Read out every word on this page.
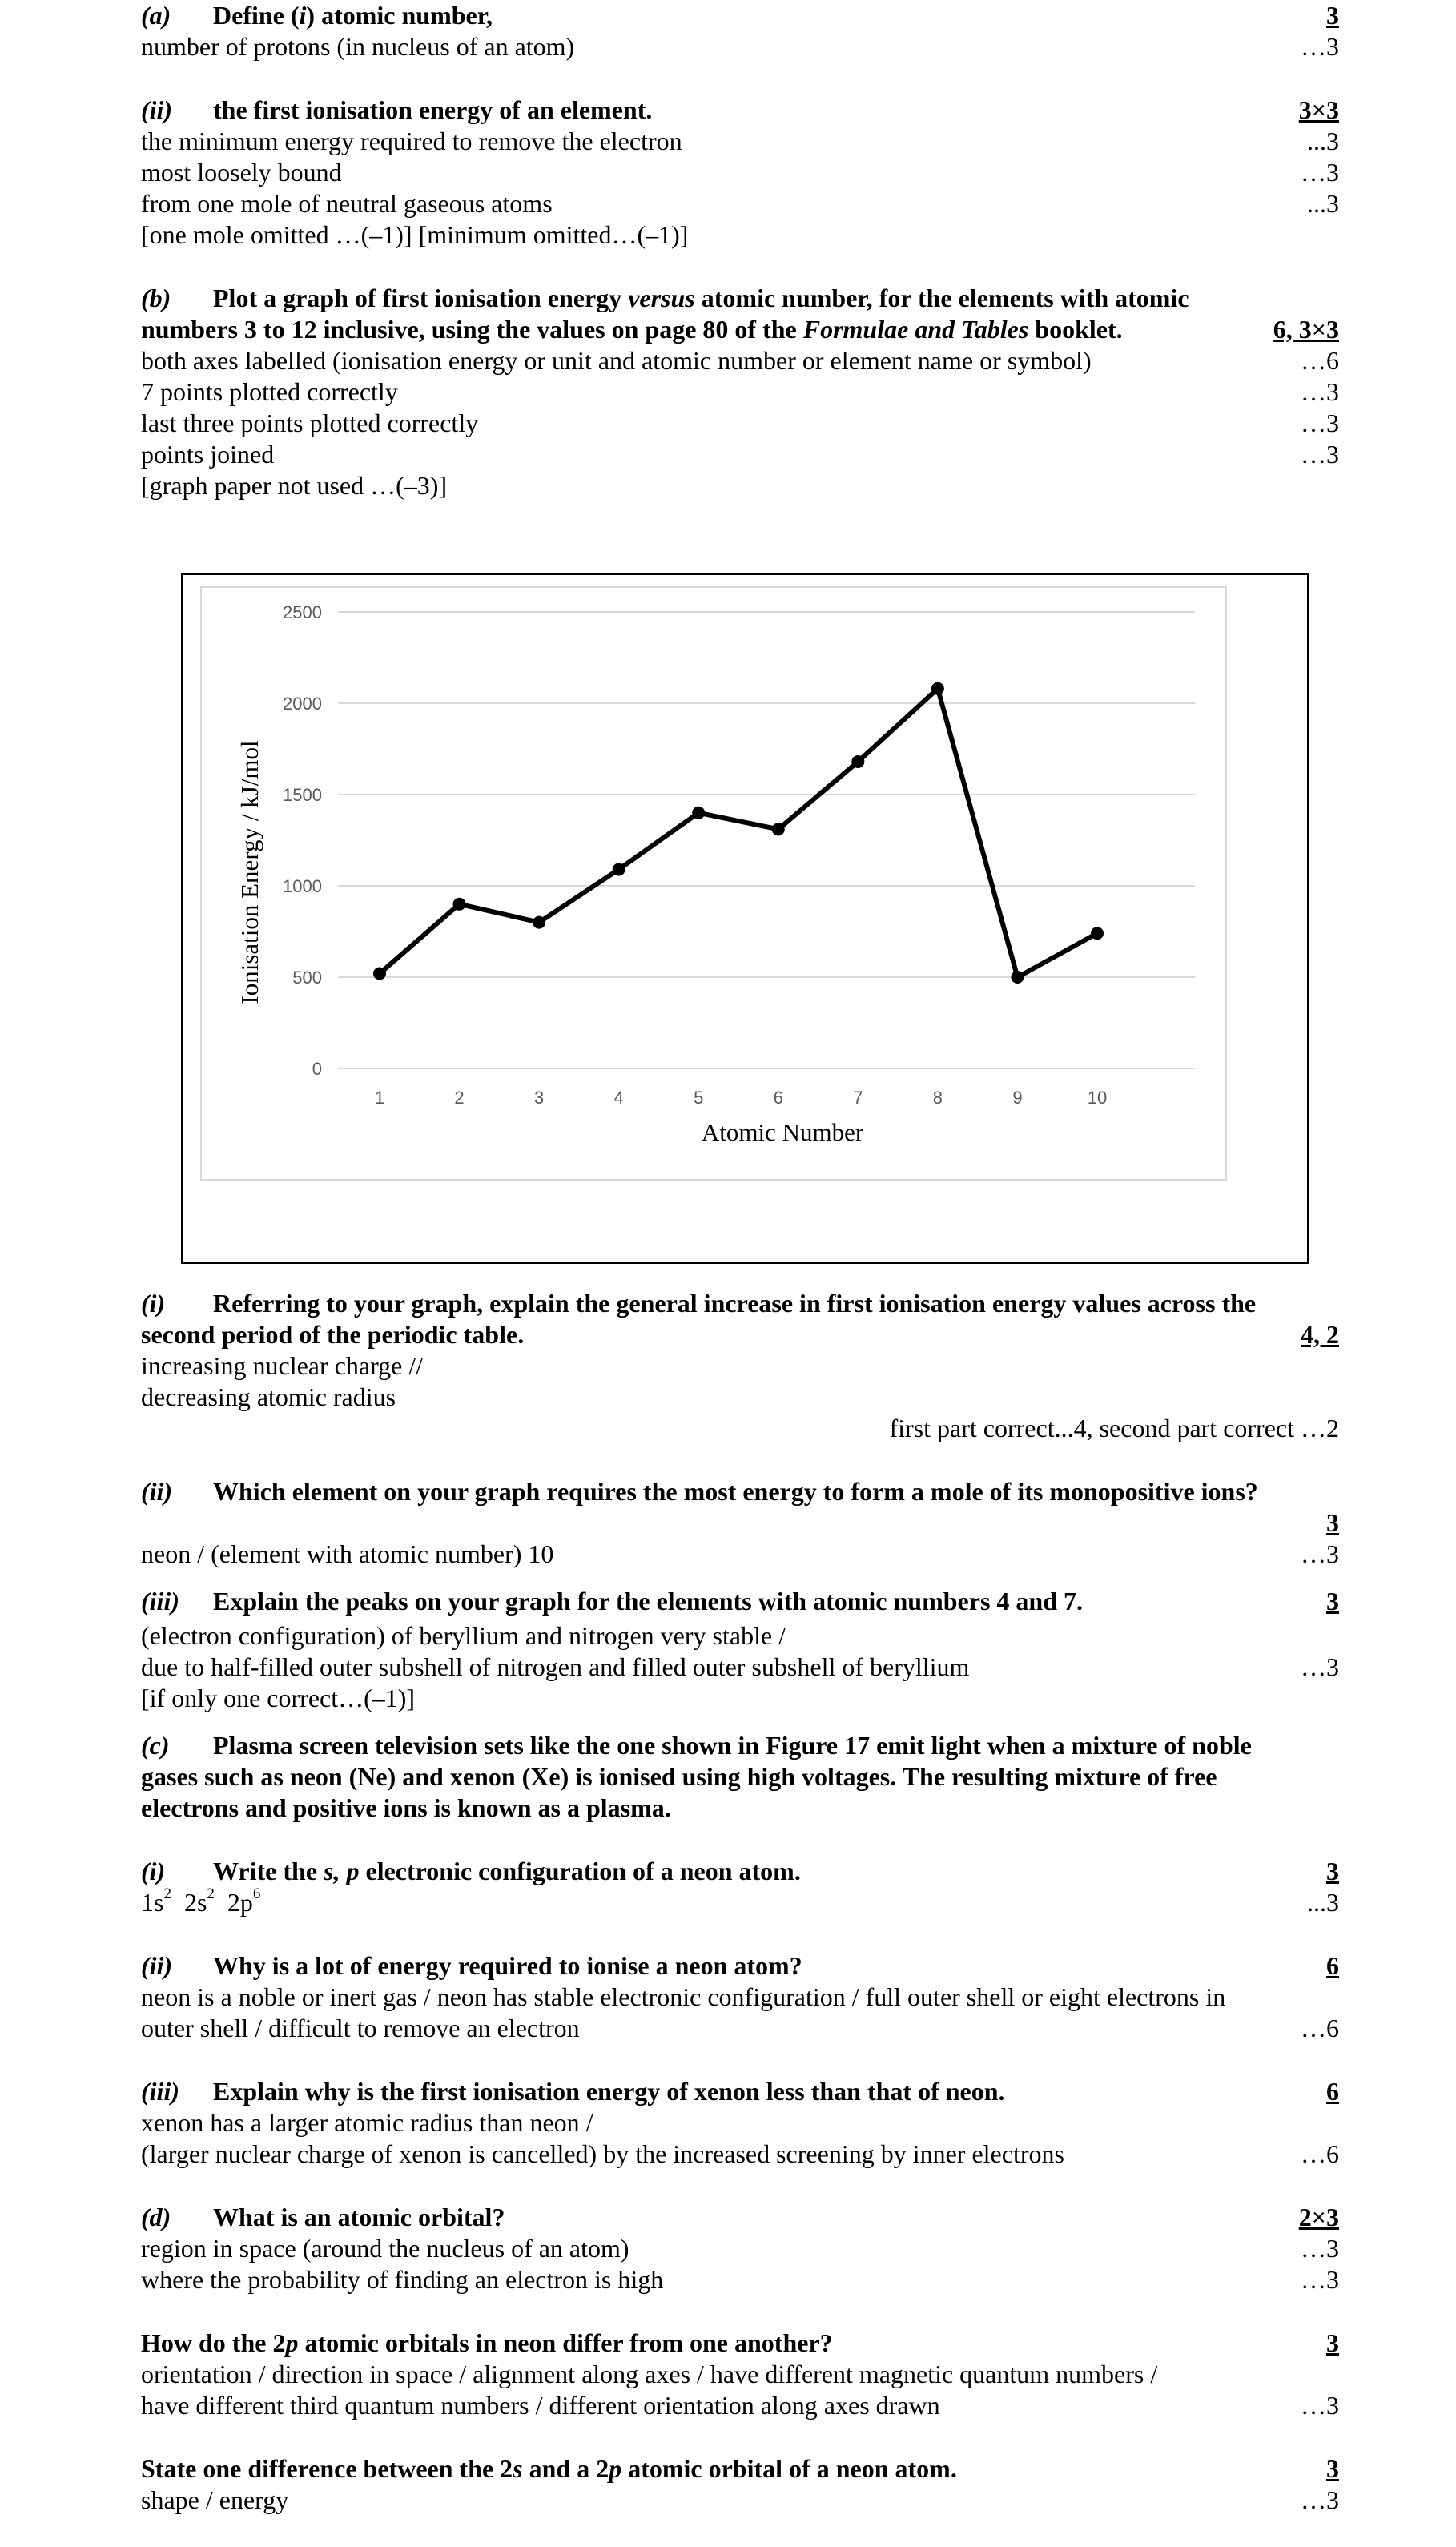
(a) Define (i) atomic number,	3
number of protons (in nucleus of an atom)	…3
(ii) the first ionisation energy of an element.	3×3
the minimum energy required to remove the electron	...3
most loosely bound	…3
from one mole of neutral gaseous atoms	...3
[one mole omitted …(–1)] [minimum omitted…(–1)]
(b) Plot a graph of first ionisation energy versus atomic number, for the elements with atomic
numbers 3 to 12 inclusive, using the values on page 80 of the Formulae and Tables booklet.	6, 3×3
both axes labelled (ionisation energy or unit and atomic number or element name or symbol)	…6
7 points plotted correctly	…3
last three points plotted correctly	…3
points joined	…3
[graph paper not used …(–3)]
0
500
1000
1500
2000
2500
1	2	3	4	5	6	7	8	9	10
Atomic Number
Ionisation Energy / kJ/mol
(i) Referring to your graph, explain the general increase in first ionisation energy values across the
second period of the periodic table.	4, 2
increasing nuclear charge //
decreasing atomic radius
first part correct...4, second part correct …2
(ii) Which element on your graph requires the most energy to form a mole of its monopositive ions?
3
neon / (element with atomic number) 10	…3
(iii) Explain the peaks on your graph for the elements with atomic numbers 4 and 7.	3
(electron configuration) of beryllium and nitrogen very stable /
due to half-filled outer subshell of nitrogen and filled outer subshell of beryllium	…3
[if only one correct…(–1)]
(c) Plasma screen television sets like the one shown in Figure 17 emit light when a mixture of noble
gases such as neon (Ne) and xenon (Xe) is ionised using high voltages. The resulting mixture of free
electrons and positive ions is known as a plasma.
(i) Write the s, p electronic configuration of a neon atom.	3
$1s^2$ $2s^2$ $2p^6$	...3
(ii) Why is a lot of energy required to ionise a neon atom?	6
neon is a noble or inert gas / neon has stable electronic configuration / full outer shell or eight electrons in
outer shell / difficult to remove an electron	…6
(iii) Explain why is the first ionisation energy of xenon less than that of neon.	6
xenon has a larger atomic radius than neon /
(larger nuclear charge of xenon is cancelled) by the increased screening by inner electrons	…6
(d) What is an atomic orbital?	2×3
region in space (around the nucleus of an atom)	…3
where the probability of finding an electron is high	…3
How do the 2p atomic orbitals in neon differ from one another?	3
orientation / direction in space / alignment along axes / have different magnetic quantum numbers /
have different third quantum numbers / different orientation along axes drawn	…3
State one difference between the 2s and a 2p atomic orbital of a neon atom.	3
shape / energy	…3
